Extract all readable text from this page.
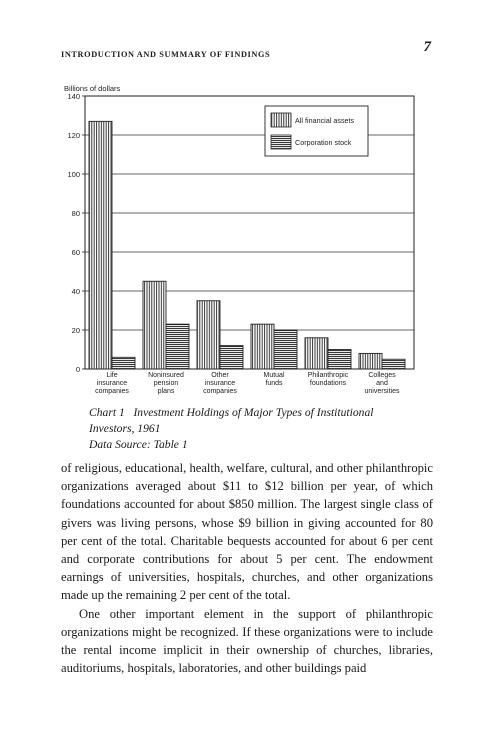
INTRODUCTION AND SUMMARY OF FINDINGS	7
0
20
40
60
80
100
120
140
Life
insurance
companies
Noninsured
pension
plans
Other
insurance
companies
Mutual
funds
Philanthropic
foundations
Colleges
and
universities
Billions of dollars
All financial assets
Corporation stock
Chart 1   Investment Holdings of Major Types of Institutional
Investors, 1961
Data Source: Table 1

of religious, educational, health, welfare, cultural, and other philanthropic organizations averaged about $11 to $12 billion per year, of which foundations accounted for about $850 million. The largest single class of givers was living persons, whose $9 billion in giving accounted for 80 per cent of the total. Charitable bequests accounted for about 6 per cent and corporate contributions for about 5 per cent. The endowment earnings of universities, hospitals, churches, and other organizations made up the remaining 2 per cent of the total.

One other important element in the support of philanthropic organizations might be recognized. If these organizations were to include the rental income implicit in their ownership of churches, libraries, auditoriums, hospitals, laboratories, and other buildings paid
